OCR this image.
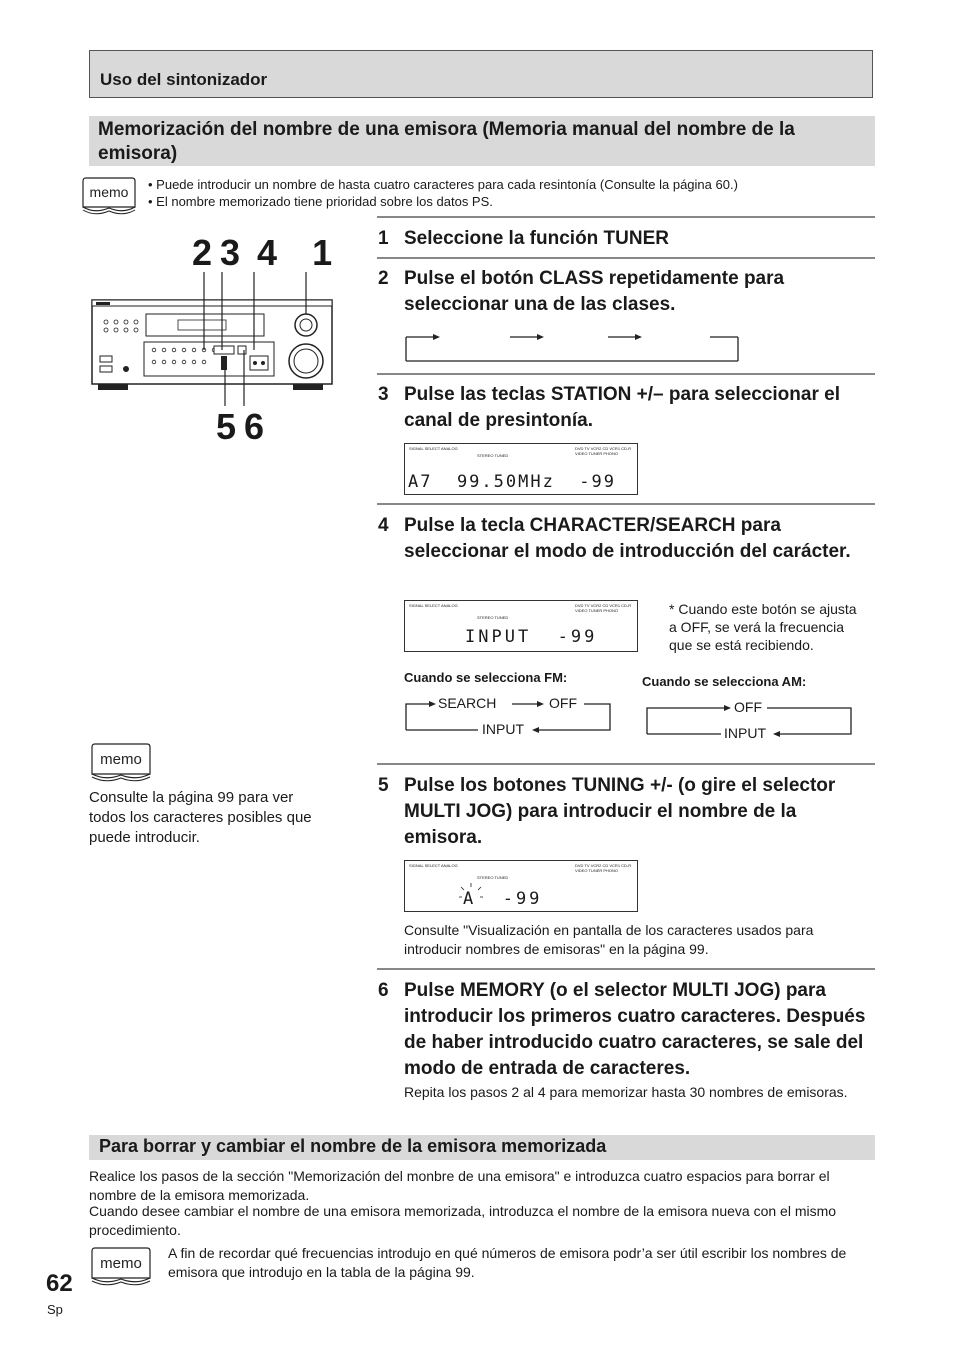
Uso del sintonizador
Memorización del nombre de una emisora (Memoria manual del nombre de la emisora)
memo • Puede introducir un nombre de hasta cuatro caracteres para cada resintonía (Consulte la página 60.)
• El nombre memorizado tiene prioridad sobre los datos PS.
2 3  4    1
5 6
1 Seleccione la función TUNER
2 Pulse el botón CLASS repetidamente para seleccionar una de las clases.
3 Pulse las teclas STATION +/– para seleccionar el canal de presintonía.
SIGNAL SELECT ANALOG
STEREO TUNED
DVD TV VCR2 CD VCR1 CD-R VIDEO TUNER PHONO
A7  99.50MHz  -99
4 Pulse la tecla CHARACTER/SEARCH para seleccionar el modo de introducción del carácter.
SIGNAL SELECT ANALOG
STEREO TUNED
DVD TV VCR2 CD VCR1 CD-R VIDEO TUNER PHONO
INPUT  -99
* Cuando este botón se ajusta a OFF, se verá la frecuencia que se está recibiendo.
Cuando se selecciona FM:	Cuando se selecciona AM:
SEARCH	OFF
INPUT
OFF
INPUT
memo
Consulte la página 99 para ver todos los caracteres posibles que puede introducir.
5 Pulse los botones TUNING +/- (o gire el selector MULTI JOG) para introducir el nombre de la emisora.
SIGNAL SELECT ANALOG
STEREO TUNED
DVD TV VCR2 CD VCR1 CD-R VIDEO TUNER PHONO
A  -99
Consulte "Visualización en pantalla de los caracteres usados para introducir nombres de emisoras" en la página 99.
6 Pulse MEMORY (o el selector MULTI JOG) para introducir los primeros cuatro caracteres. Después de haber introducido cuatro caracteres, se sale del modo de entrada de caracteres.
Repita los pasos 2 al 4 para memorizar hasta 30 nombres de emisoras.
Para borrar y cambiar el nombre de la emisora memorizada
Realice los pasos de la sección "Memorización del monbre de una emisora" e introduzca cuatro espacios para borrar el nombre de la emisora memorizada.
Cuando desee cambiar el nombre de una emisora memorizada, introduzca el nombre de la emisora nueva con el mismo procedimiento.
memo
A fin de recordar qué frecuencias introdujo en qué números de emisora podr’a ser útil escribir los nombres de emisora que introdujo en la tabla de la página 99.
62
Sp
